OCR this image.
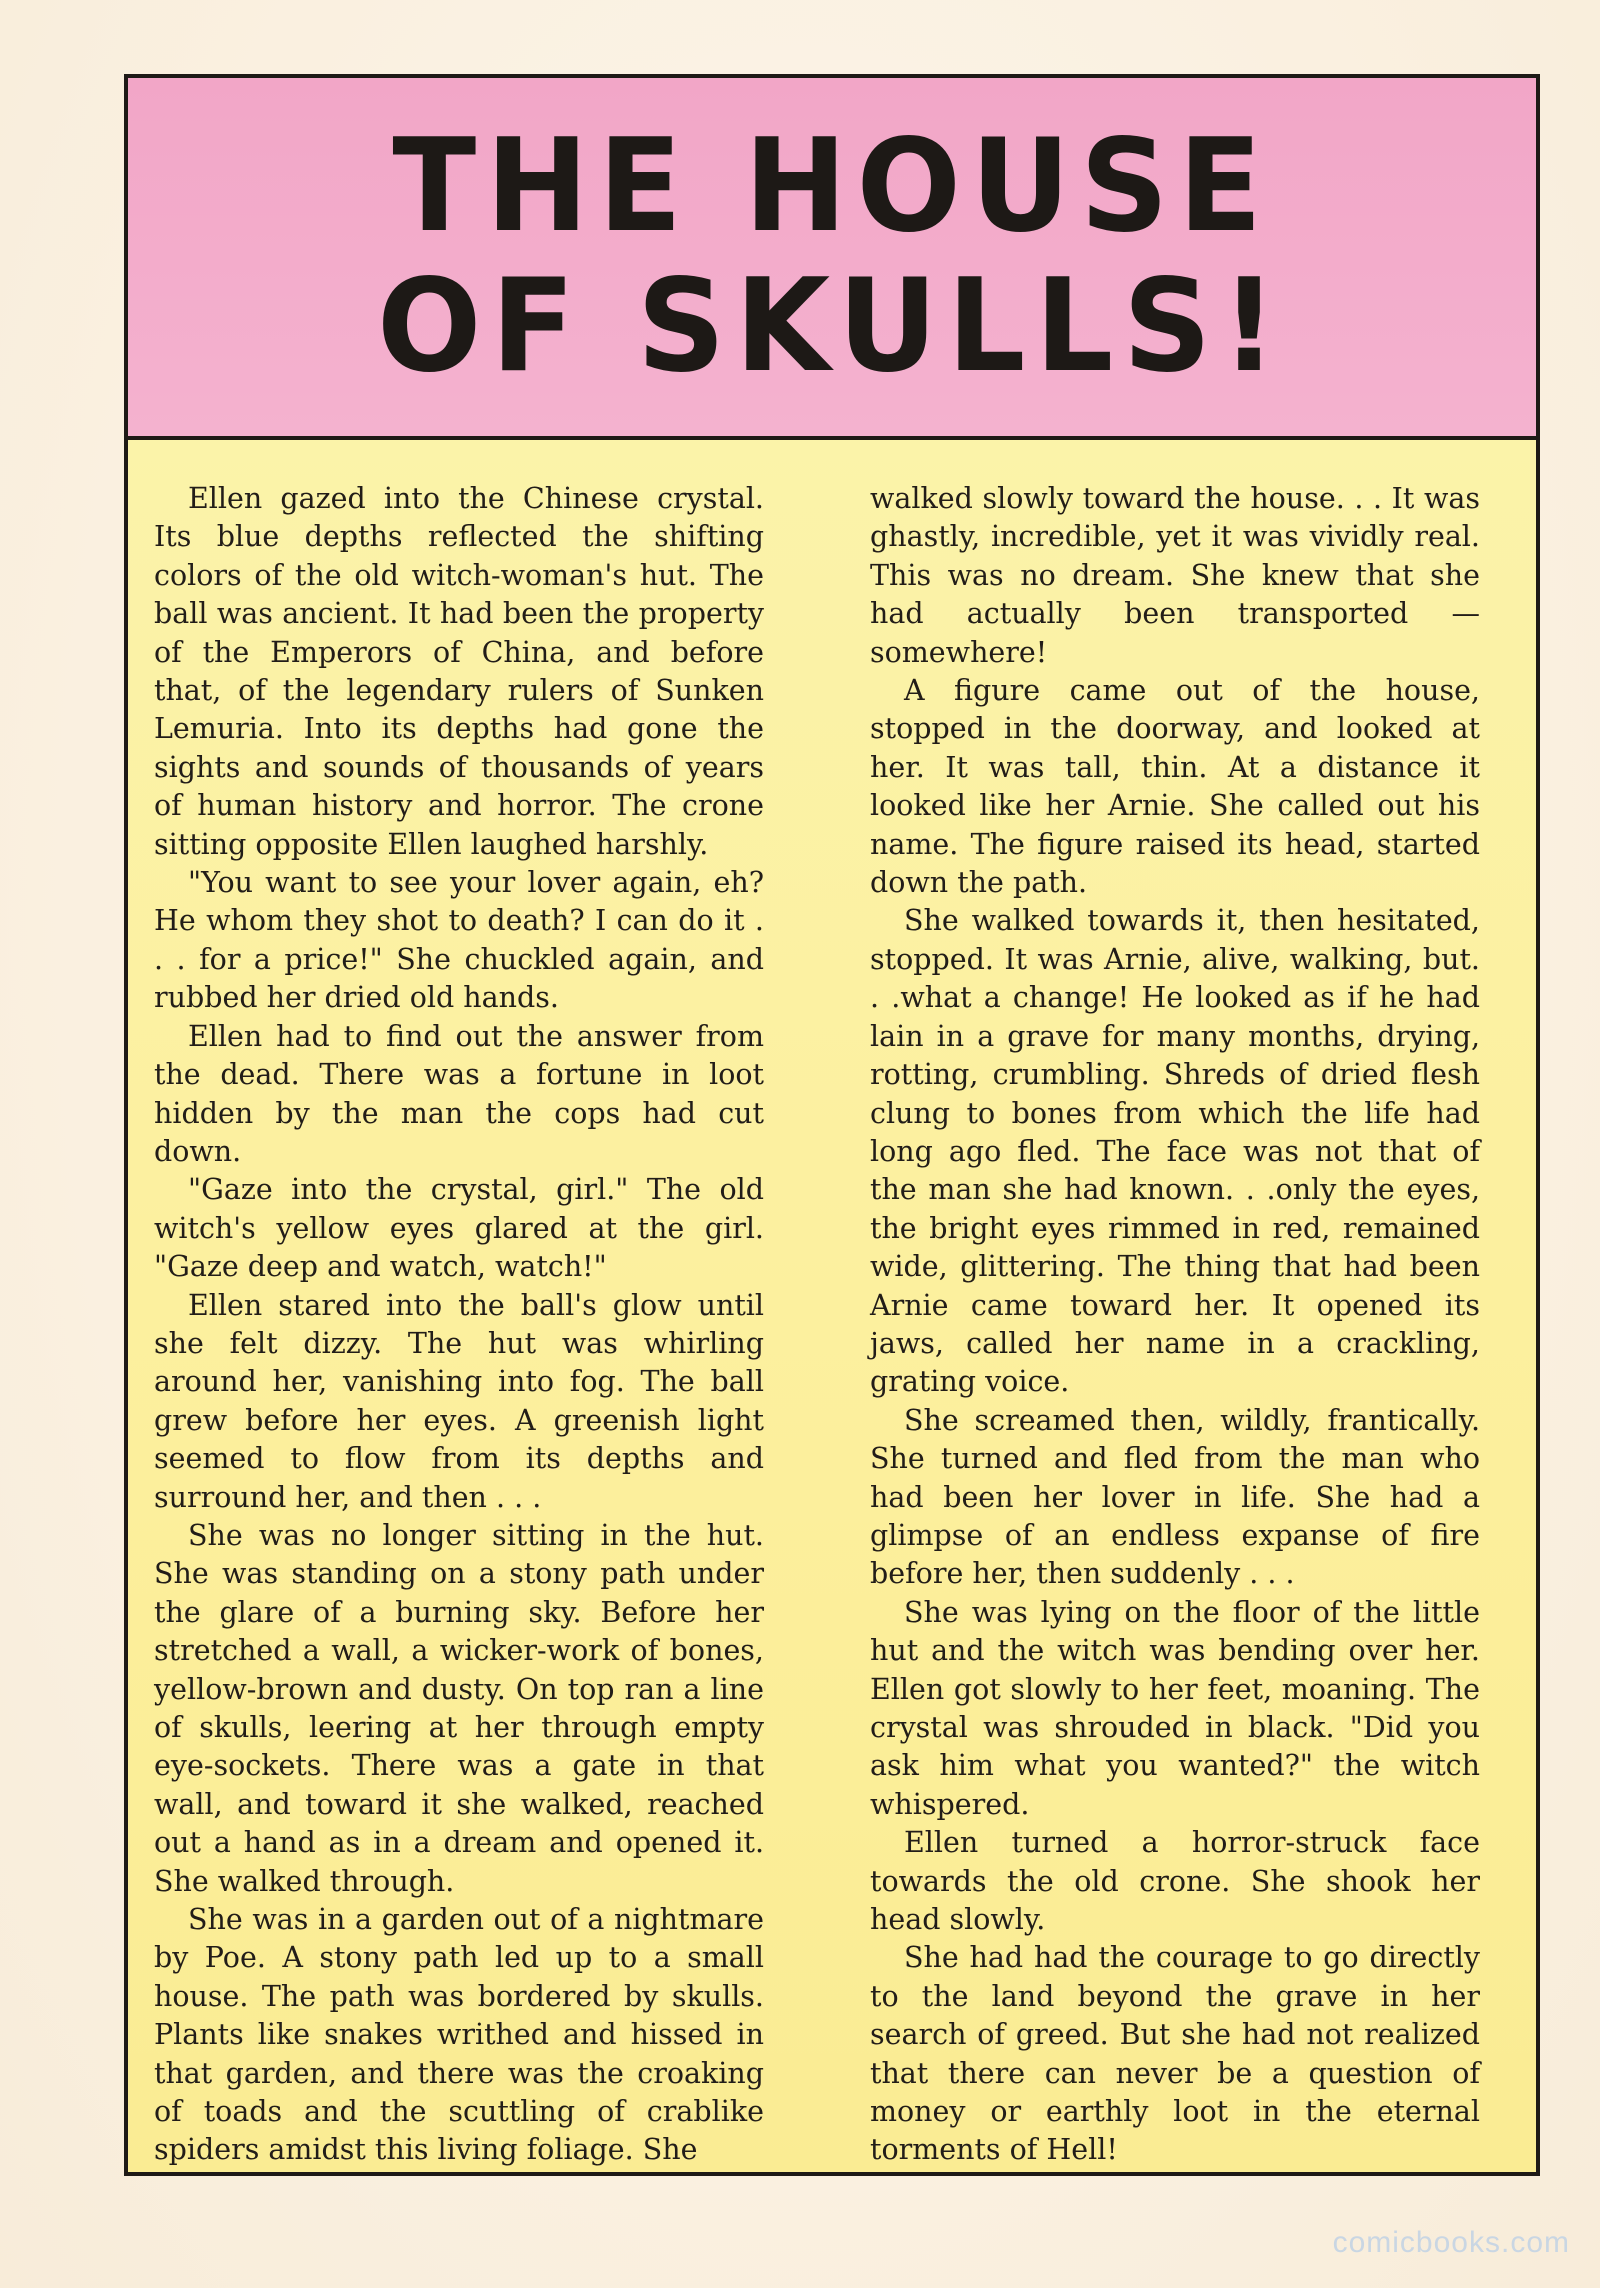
THE HOUSE
OF SKULLS!

Ellen gazed into the Chinese crystal. Its blue depths reflected the shifting colors of the old witch-woman's hut. The ball was ancient. It had been the property of the Emperors of China, and before that, of the legendary rulers of Sunken Lemuria. Into its depths had gone the sights and sounds of thousands of years of human history and horror. The crone sitting opposite Ellen laughed harshly.

"You want to see your lover again, eh? He whom they shot to death? I can do it . . . for a price!" She chuckled again, and rubbed her dried old hands.

Ellen had to find out the answer from the dead. There was a fortune in loot hidden by the man the cops had cut down.

"Gaze into the crystal, girl." The old witch's yellow eyes glared at the girl. "Gaze deep and watch, watch!"

Ellen stared into the ball's glow until she felt dizzy. The hut was whirling around her, vanishing into fog. The ball grew before her eyes. A greenish light seemed to flow from its depths and surround her, and then . . .

She was no longer sitting in the hut. She was standing on a stony path under the glare of a burning sky. Before her stretched a wall, a wicker-work of bones, yellow-brown and dusty. On top ran a line of skulls, leering at her through empty eye-sockets. There was a gate in that wall, and toward it she walked, reached out a hand as in a dream and opened it. She walked through.

She was in a garden out of a nightmare by Poe. A stony path led up to a small house. The path was bordered by skulls. Plants like snakes writhed and hissed in that garden, and there was the croaking of toads and the scuttling of crablike spiders amidst this living foliage. She

walked slowly toward the house. . . It was ghastly, incredible, yet it was vividly real. This was no dream. She knew that she had actually been transported — somewhere!

A figure came out of the house, stopped in the doorway, and looked at her. It was tall, thin. At a distance it looked like her Arnie. She called out his name. The figure raised its head, started down the path.

She walked towards it, then hesitated, stopped. It was Arnie, alive, walking, but. . .what a change! He looked as if he had lain in a grave for many months, drying, rotting, crumbling. Shreds of dried flesh clung to bones from which the life had long ago fled. The face was not that of the man she had known. . .only the eyes, the bright eyes rimmed in red, remained wide, glittering. The thing that had been Arnie came toward her. It opened its jaws, called her name in a crackling, grating voice.

She screamed then, wildly, frantically. She turned and fled from the man who had been her lover in life. She had a glimpse of an endless expanse of fire before her, then suddenly . . .

She was lying on the floor of the little hut and the witch was bending over her. Ellen got slowly to her feet, moaning. The crystal was shrouded in black. "Did you ask him what you wanted?" the witch whispered.

Ellen turned a horror-struck face towards the old crone. She shook her head slowly.

She had had the courage to go directly to the land beyond the grave in her search of greed. But she had not realized that there can never be a question of money or earthly loot in the eternal torments of Hell!

comicbooks.com
